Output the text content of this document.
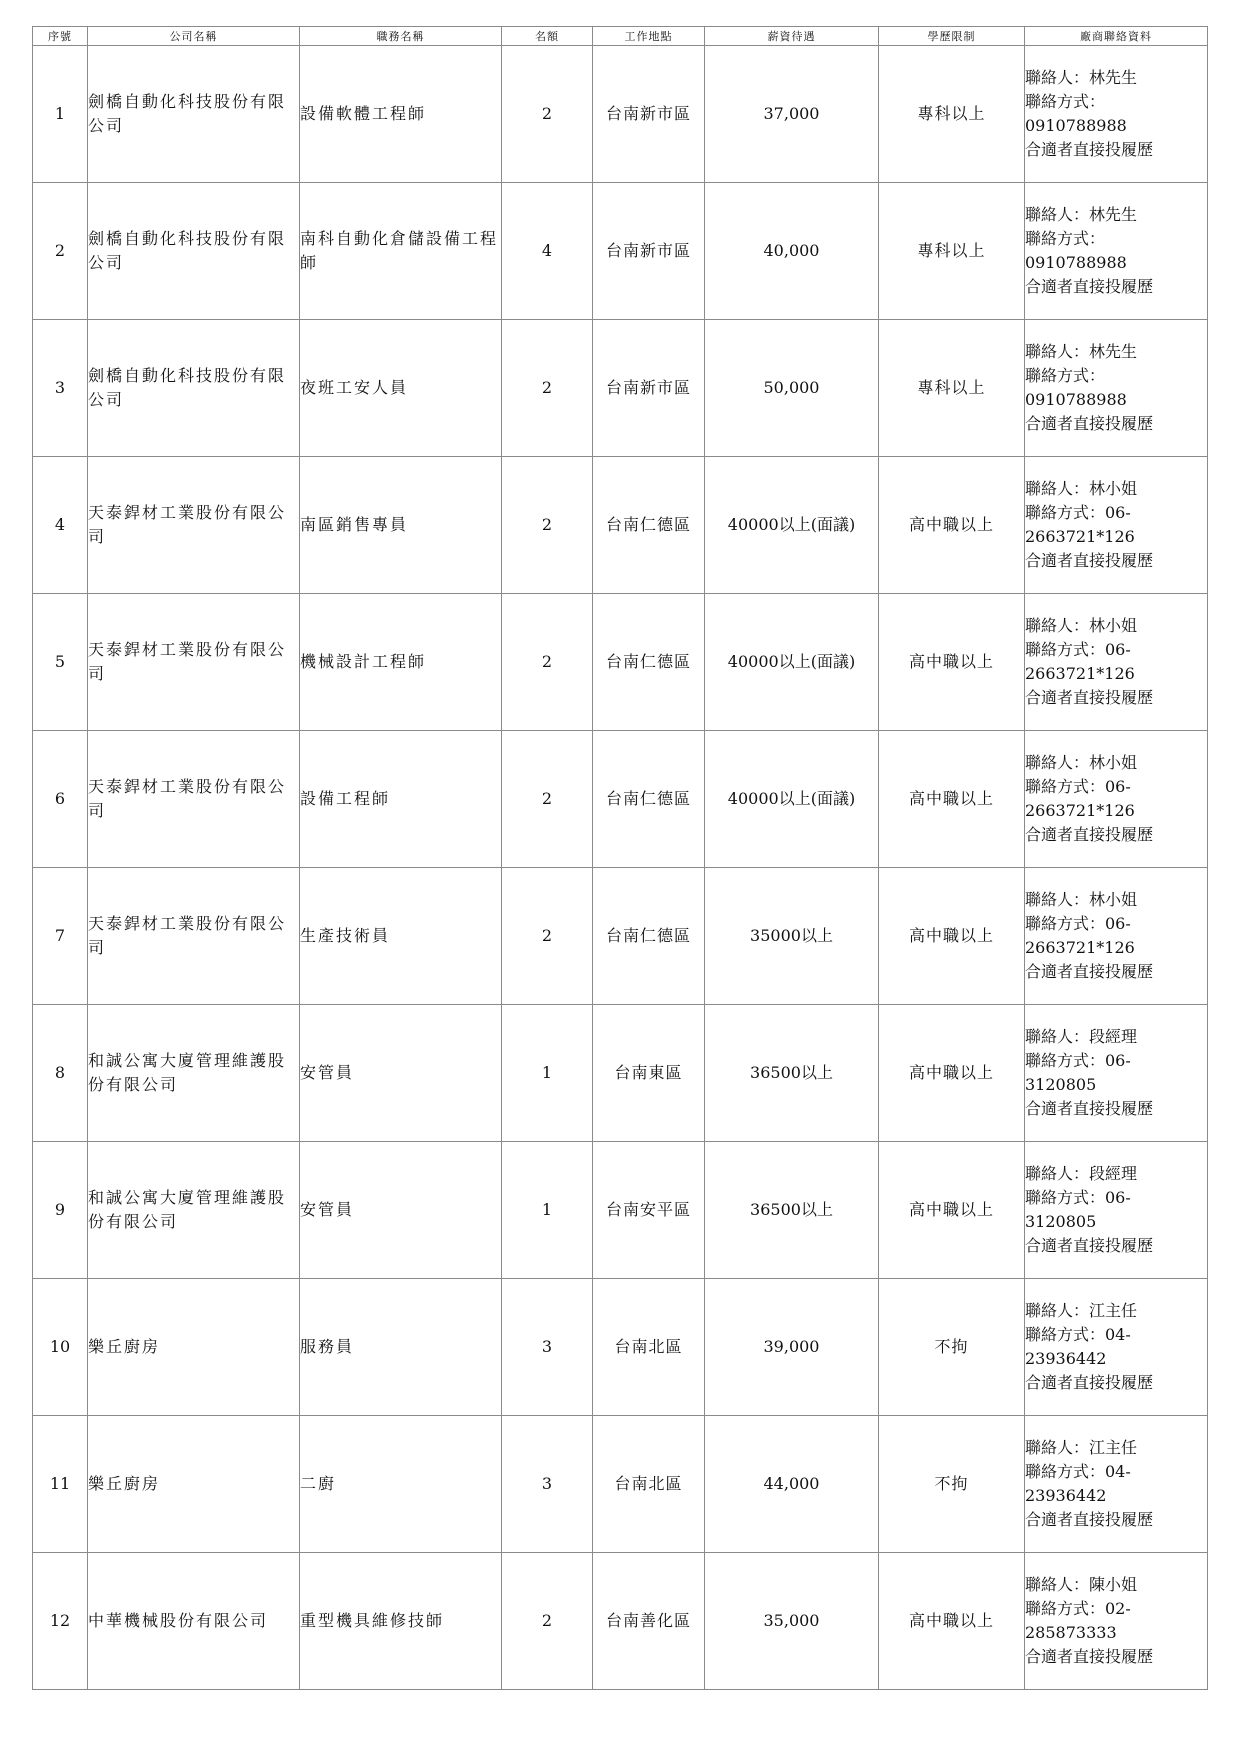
序號	公司名稱	職務名稱	名額	工作地點	薪資待遇	學歷限制	廠商聯絡資料
1	劍橋自動化科技股份有限公司	設備軟體工程師	2	台南新市區	37,000	專科以上	聯絡人：林先生
聯絡方式：
0910788988
合適者直接投履歷

2	劍橋自動化科技股份有限公司	南科自動化倉儲設備工程師	4	台南新市區	40,000	專科以上	聯絡人：林先生
聯絡方式：
0910788988
合適者直接投履歷

3	劍橋自動化科技股份有限公司	夜班工安人員	2	台南新市區	50,000	專科以上	聯絡人：林先生
聯絡方式：
0910788988
合適者直接投履歷

4	天泰銲材工業股份有限公司	南區銷售專員	2	台南仁德區	40000以上(面議)	高中職以上	聯絡人：林小姐
聯絡方式：06-
2663721*126
合適者直接投履歷

5	天泰銲材工業股份有限公司	機械設計工程師	2	台南仁德區	40000以上(面議)	高中職以上	聯絡人：林小姐
聯絡方式：06-
2663721*126
合適者直接投履歷

6	天泰銲材工業股份有限公司	設備工程師	2	台南仁德區	40000以上(面議)	高中職以上	聯絡人：林小姐
聯絡方式：06-
2663721*126
合適者直接投履歷

7	天泰銲材工業股份有限公司	生產技術員	2	台南仁德區	35000以上	高中職以上	聯絡人：林小姐
聯絡方式：06-
2663721*126
合適者直接投履歷

8	和誠公寓大廈管理維護股份有限公司	安管員	1	台南東區	36500以上	高中職以上	聯絡人：段經理
聯絡方式：06-
3120805
合適者直接投履歷

9	和誠公寓大廈管理維護股份有限公司	安管員	1	台南安平區	36500以上	高中職以上	聯絡人：段經理
聯絡方式：06-
3120805
合適者直接投履歷

10	樂丘廚房	服務員	3	台南北區	39,000	不拘	聯絡人：江主任
聯絡方式：04-
23936442
合適者直接投履歷

11	樂丘廚房	二廚	3	台南北區	44,000	不拘	聯絡人：江主任
聯絡方式：04-
23936442
合適者直接投履歷

12	中華機械股份有限公司	重型機具維修技師	2	台南善化區	35,000	高中職以上	聯絡人：陳小姐
聯絡方式：02-
285873333
合適者直接投履歷
